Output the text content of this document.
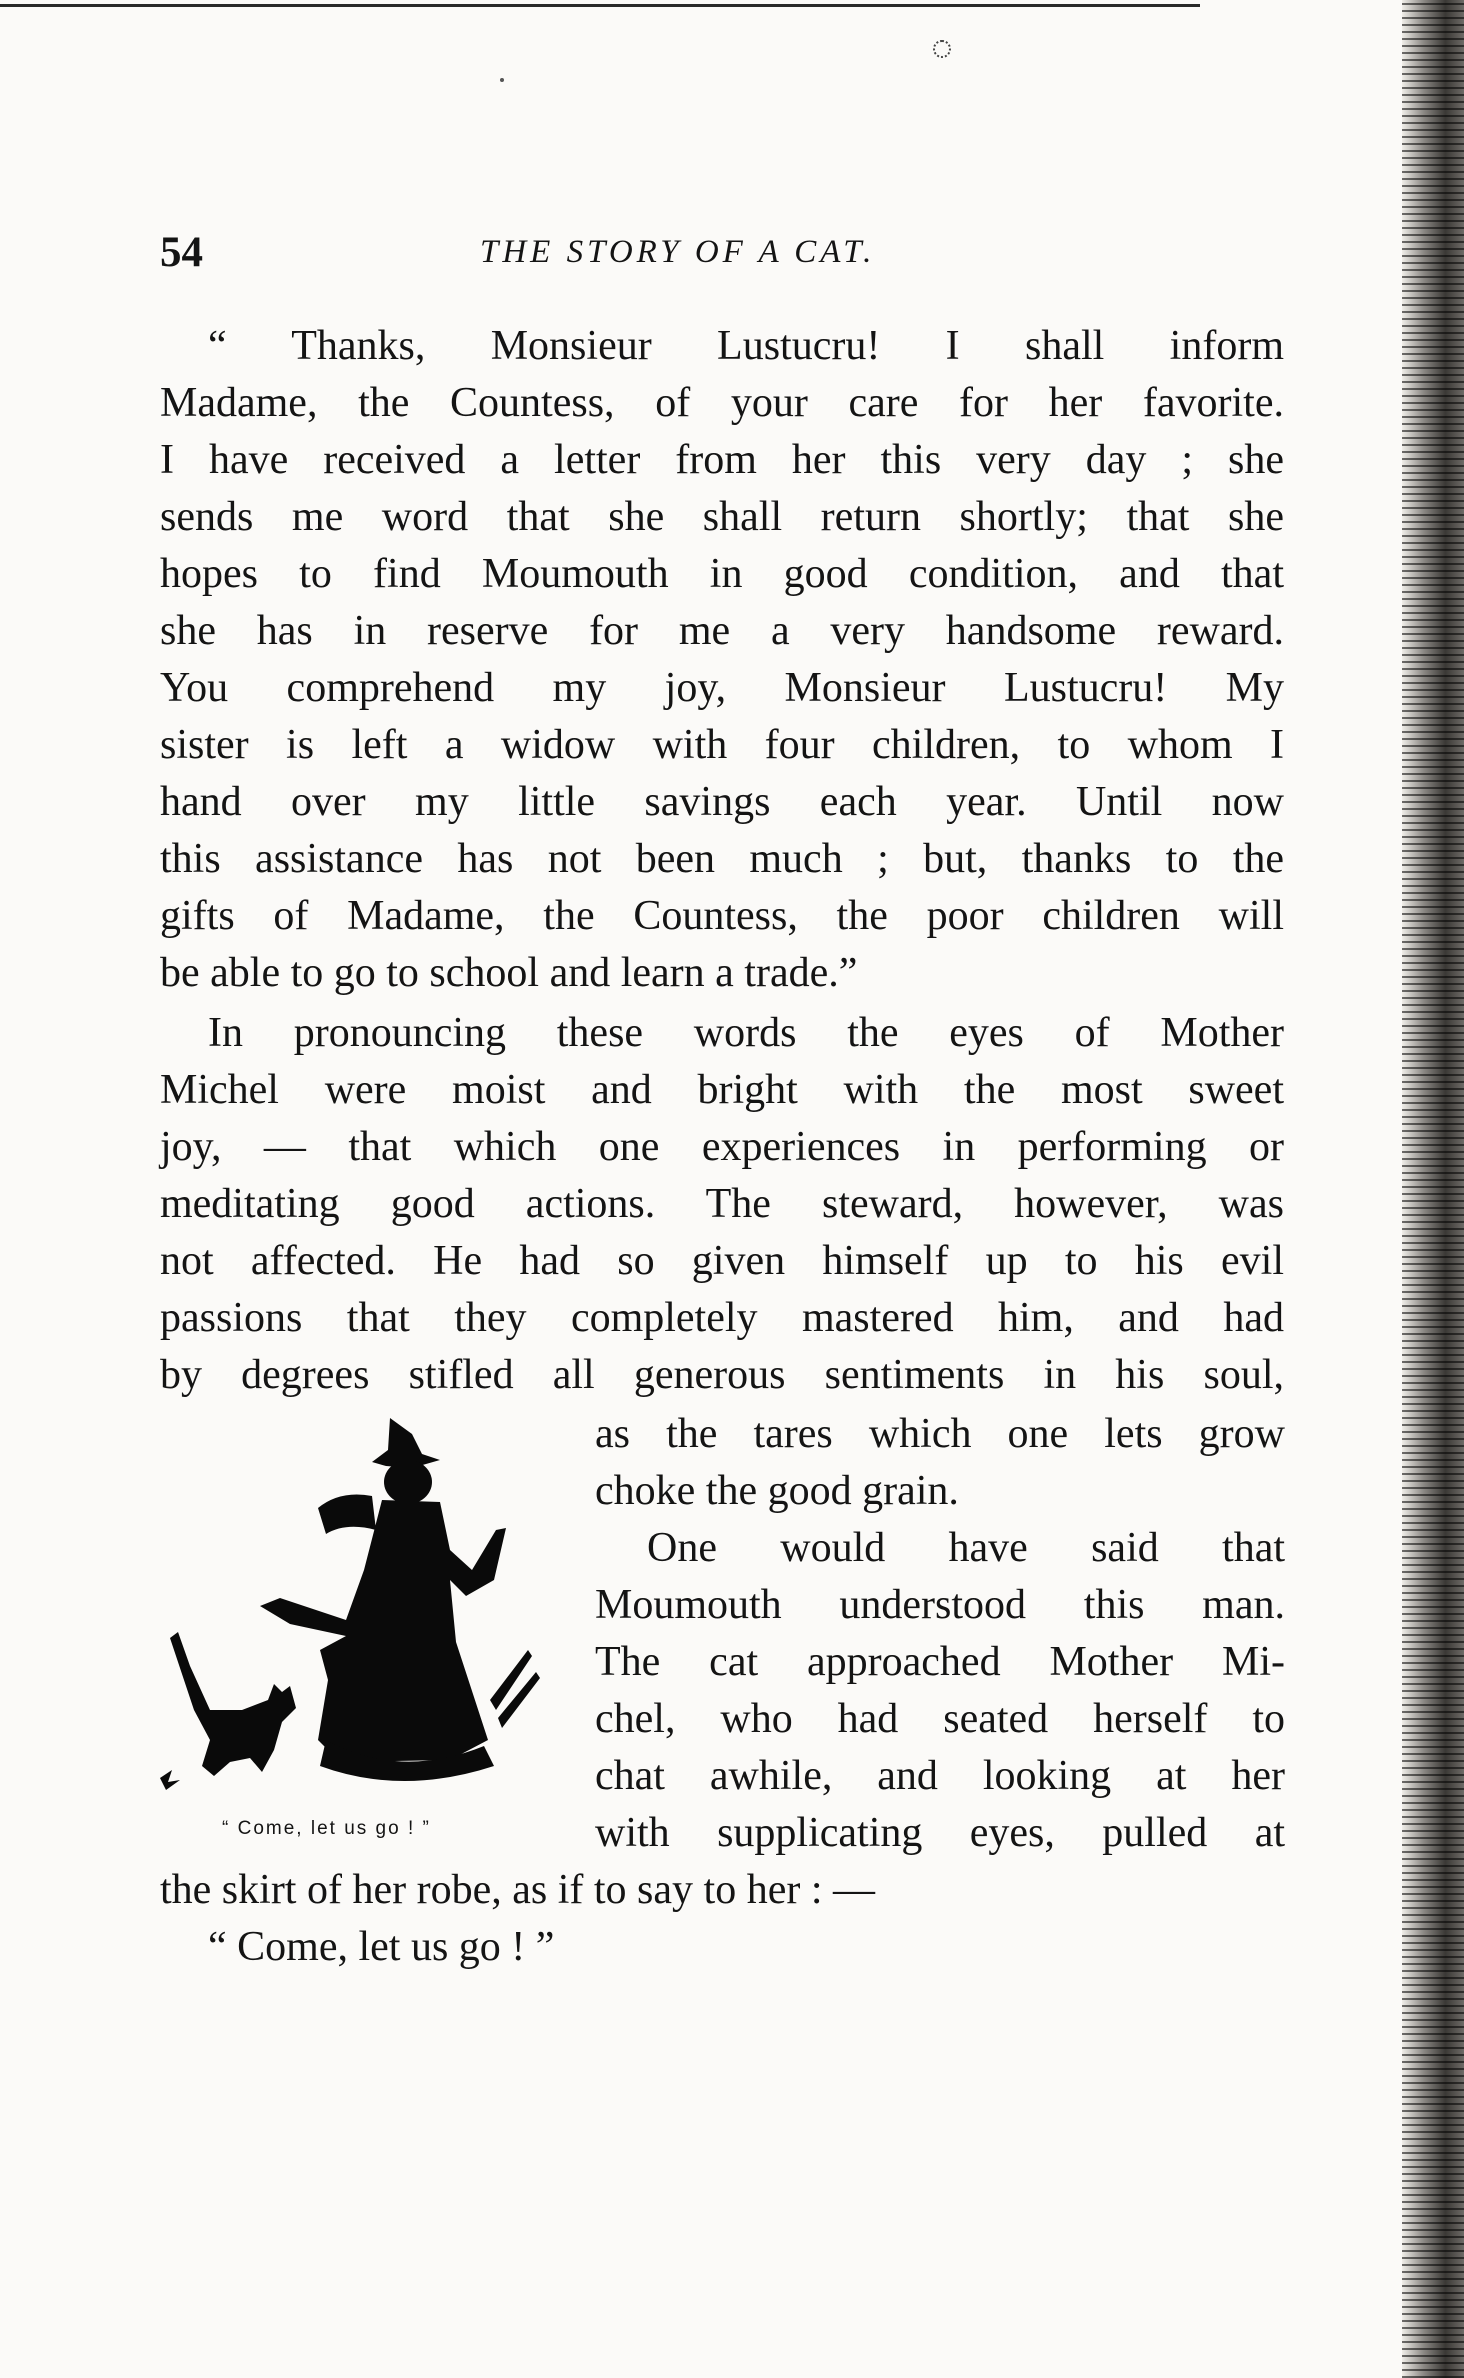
54	THE STORY OF A CAT.
“ Thanks, Monsieur Lustucru! I shall inform
Madame, the Countess, of your care for her favorite.
I have received a letter from her this very day ; she
sends me word that she shall return shortly; that she
hopes to find Moumouth in good condition, and that
she has in reserve for me a very handsome reward.
You comprehend my joy, Monsieur Lustucru! My
sister is left a widow with four children, to whom I
hand over my little savings each year. Until now
this assistance has not been much ; but, thanks to the
gifts of Madame, the Countess, the poor children will
be able to go to school and learn a trade.”
In pronouncing these words the eyes of Mother
Michel were moist and bright with the most sweet
joy, — that which one experiences in performing or
meditating good actions. The steward, however, was
not affected. He had so given himself up to his evil
passions that they completely mastered him, and had
by degrees stifled all generous sentiments in his soul,
as the tares which one lets grow
choke the good grain.
One would have said that
Moumouth understood this man.
The cat approached Mother Mi-
chel, who had seated herself to
chat awhile, and looking at her
with supplicating eyes, pulled at
the skirt of her robe, as if to say to her : —
“ Come, let us go ! ”
“ Come, let us go ! ”
